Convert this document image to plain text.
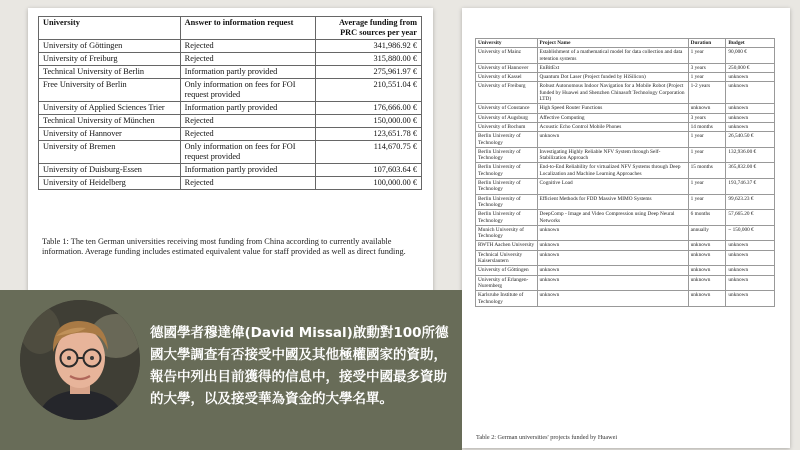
University	Answer to information request	Average funding from PRC sources per year
University of Göttingen	Rejected	341,986.92 €
University of Freiburg	Rejected	315,880.00 €
Technical University of Berlin	Information partly provided	275,961.97 €
Free University of Berlin	Only information on fees for FOI request provided	210,551.04 €
University of Applied Sciences Trier	Information partly provided	176,666.00 €
Technical University of München	Rejected	150,000.00 €
University of Hannover	Rejected	123,651.78 €
University of Bremen	Only information on fees for FOI request provided	114,670.75 €
University of Duisburg-Essen	Information partly provided	107,603.64 €
University of Heidelberg	Rejected	100,000.00 €

Table 1: The ten German universities receiving most funding from China according to currently available information. Average funding includes estimated equivalent value for staff provided as well as direct funding.

University	Project Name	Duration	Budget
University of Mainz	Establishment of a mathematical model for data collection and data retention systems	1 year	90,000 €
University of Hannover	EnBitExt	3 years	250,000 €
University of Kassel	Quantum Dot Laser (Project funded by HiSilicon)	1 year	unknown
University of Freiburg	Robust Autonomous Indoor Navigation for a Mobile Robot (Project funded by Huawei and Shenzhen Chinasoft Technology Corporation LTD)	1-2 years	unknown
University of Constance	High Speed Router Functions	unknown	unknown
University of Augsburg	Affective Computing	3 years	unknown
University of Bochum	Acoustic Echo Control Mobile Phones	14 months	unknown
Berlin University of Technology	unknown	1 year	26,540.50 €
Berlin University of Technology	Investigating Highly Reliable NFV System through Self-Stabilization Approach	1 year	132,936.00 €
Berlin University of Technology	End-to-End Reliability for virtualized NFV Systems through Deep Localization and Machine Learning Approaches	15 months	365,832.00 €
Berlin University of Technology	Cognitive Load	1 year	193,746.37 €
Berlin University of Technology	Efficient Methods for FDD Massive MIMO Systems	1 year	99,623.23 €
Berlin University of Technology	DeepComp - Image and Video Compression using Deep Neural Networks	6 months	57,665.20 €
Munich University of Technology	unknown	annually	~ 150,000 €
RWTH Aachen University	unknown	unknown	unknown
Technical University Kaiserslautern	unknown	unknown	unknown
University of Göttingen	unknown	unknown	unknown
University of Erlangen-Nuremberg	unknown	unknown	unknown
Karlsruhe Institute of Technology	unknown	unknown	unknown

Table 2: German universities' projects funded by Huawei

德國學者穆達偉(David Missal)啟動對100所德國大學調查有否接受中國及其他極權國家的資助，報告中列出目前獲得的信息中，接受中國最多資助的大學，以及接受華為資金的大學名單。
